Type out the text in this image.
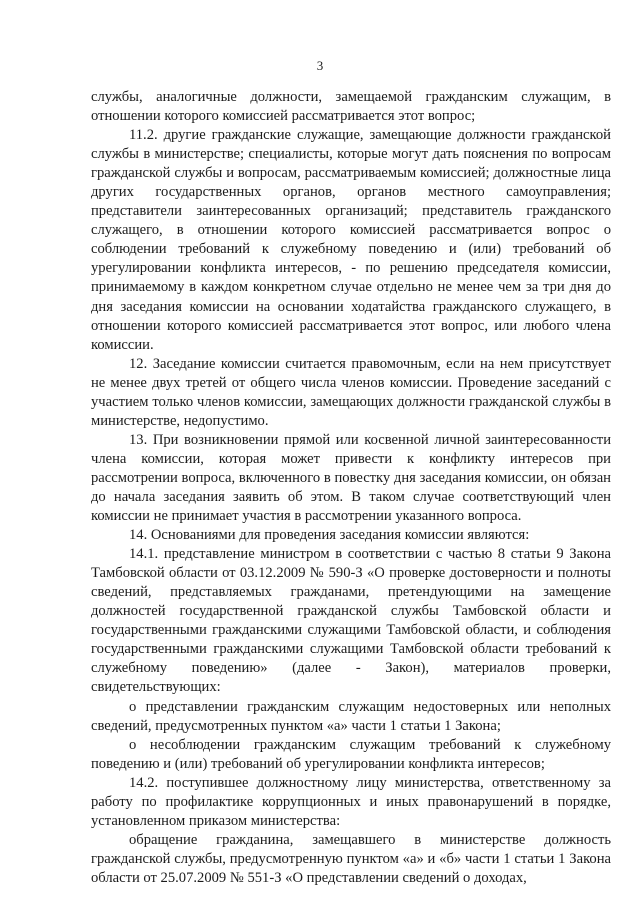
3

службы, аналогичные должности, замещаемой гражданским служащим, в отношении которого комиссией рассматривается этот вопрос;

11.2. другие гражданские служащие, замещающие должности гражданской службы в министерстве; специалисты, которые могут дать пояснения по вопросам гражданской службы и вопросам, рассматриваемым комиссией; должностные лица других государственных органов, органов местного самоуправления; представители заинтересованных организаций; представитель гражданского служащего, в отношении которого комиссией рассматривается вопрос о соблюдении требований к служебному поведению и (или) требований об урегулировании конфликта интересов, - по решению председателя комиссии, принимаемому в каждом конкретном случае отдельно не менее чем за три дня до дня заседания комиссии на основании ходатайства гражданского служащего, в отношении которого комиссией рассматривается этот вопрос, или любого члена комиссии.

12. Заседание комиссии считается правомочным, если на нем присутствует не менее двух третей от общего числа членов комиссии. Проведение заседаний с участием только членов комиссии, замещающих должности гражданской службы в министерстве, недопустимо.

13. При возникновении прямой или косвенной личной заинтересованности члена комиссии, которая может привести к конфликту интересов при рассмотрении вопроса, включенного в повестку дня заседания комиссии, он обязан до начала заседания заявить об этом. В таком случае соответствующий член комиссии не принимает участия в рассмотрении указанного вопроса.

14. Основаниями для проведения заседания комиссии являются:

14.1. представление министром в соответствии с частью 8 статьи 9 Закона Тамбовской области от 03.12.2009 № 590-З «О проверке достоверности и полноты сведений, представляемых гражданами, претендующими на замещение должностей государственной гражданской службы Тамбовской области и государственными гражданскими служащими Тамбовской области, и соблюдения государственными гражданскими служащими Тамбовской области требований к служебному поведению» (далее - Закон), материалов проверки, свидетельствующих:

о представлении гражданским служащим недостоверных или неполных сведений, предусмотренных пунктом «а» части 1 статьи 1 Закона;

о несоблюдении гражданским служащим требований к служебному поведению и (или) требований об урегулировании конфликта интересов;

14.2. поступившее должностному лицу министерства, ответственному за работу по профилактике коррупционных и иных правонарушений в порядке, установленном приказом министерства:

обращение гражданина, замещавшего в министерстве должность гражданской службы, предусмотренную пунктом «а» и «б» части 1 статьи 1 Закона области от 25.07.2009 № 551-З «О представлении сведений о доходах,
